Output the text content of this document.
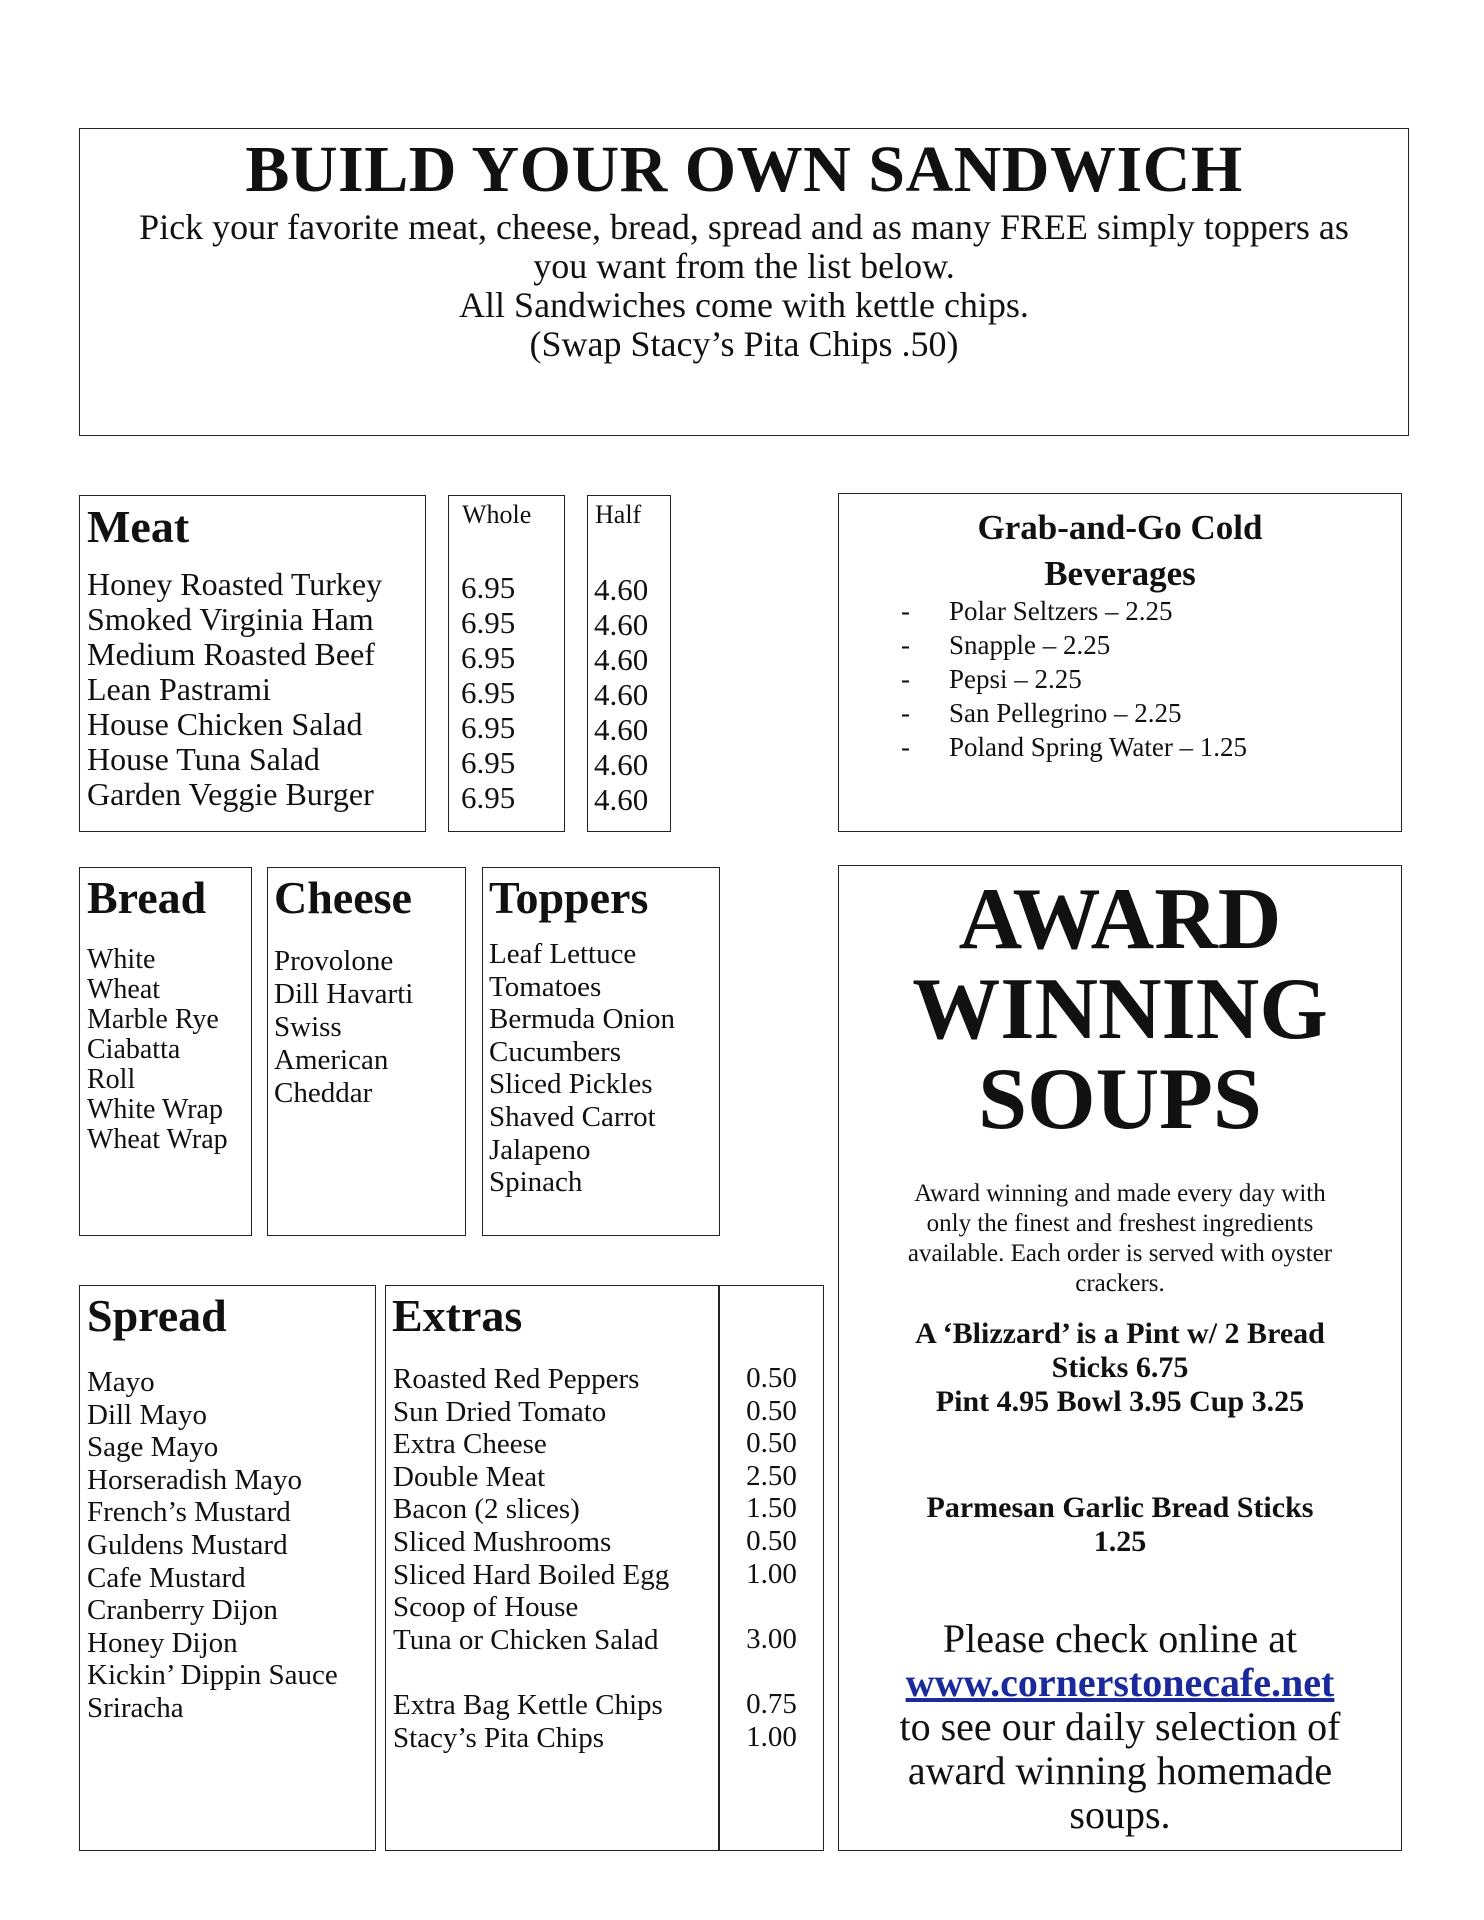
BUILD YOUR OWN SANDWICH
Pick your favorite meat, cheese, bread, spread and as many FREE simply toppers as
you want from the list below.
All Sandwiches come with kettle chips.
(Swap Stacy’s Pita Chips .50)
Meat
Honey Roasted Turkey
Smoked Virginia Ham
Medium Roasted Beef
Lean Pastrami
House Chicken Salad
House Tuna Salad
Garden Veggie Burger
Whole
6.95
6.95
6.95
6.95
6.95
6.95
6.95
Half
4.60
4.60
4.60
4.60
4.60
4.60
4.60
Grab-and-Go Cold
Beverages
- Polar Seltzers – 2.25
- Snapple – 2.25
- Pepsi – 2.25
- San Pellegrino – 2.25
- Poland Spring Water – 1.25
Bread
White
Wheat
Marble Rye
Ciabatta
Roll
White Wrap
Wheat Wrap
Cheese
Provolone
Dill Havarti
Swiss
American
Cheddar
Toppers
Leaf Lettuce
Tomatoes
Bermuda Onion
Cucumbers
Sliced Pickles
Shaved Carrot
Jalapeno
Spinach
AWARD
WINNING
SOUPS
Award winning and made every day with
only the finest and freshest ingredients
available. Each order is served with oyster
crackers.
A ‘Blizzard’ is a Pint w/ 2 Bread
Sticks 6.75
Pint 4.95 Bowl 3.95 Cup 3.25
Parmesan Garlic Bread Sticks
1.25
Please check online at
www.cornerstonecafe.net
to see our daily selection of
award winning homemade
soups.
Spread
Mayo
Dill Mayo
Sage Mayo
Horseradish Mayo
French’s Mustard
Guldens Mustard
Cafe Mustard
Cranberry Dijon
Honey Dijon
Kickin’ Dippin Sauce
Sriracha
Extras
Roasted Red Peppers
Sun Dried Tomato
Extra Cheese
Double Meat
Bacon (2 slices)
Sliced Mushrooms
Sliced Hard Boiled Egg
Scoop of House
Tuna or Chicken Salad
Extra Bag Kettle Chips
Stacy’s Pita Chips
0.50
0.50
0.50
2.50
1.50
0.50
1.00
3.00
0.75
1.00
